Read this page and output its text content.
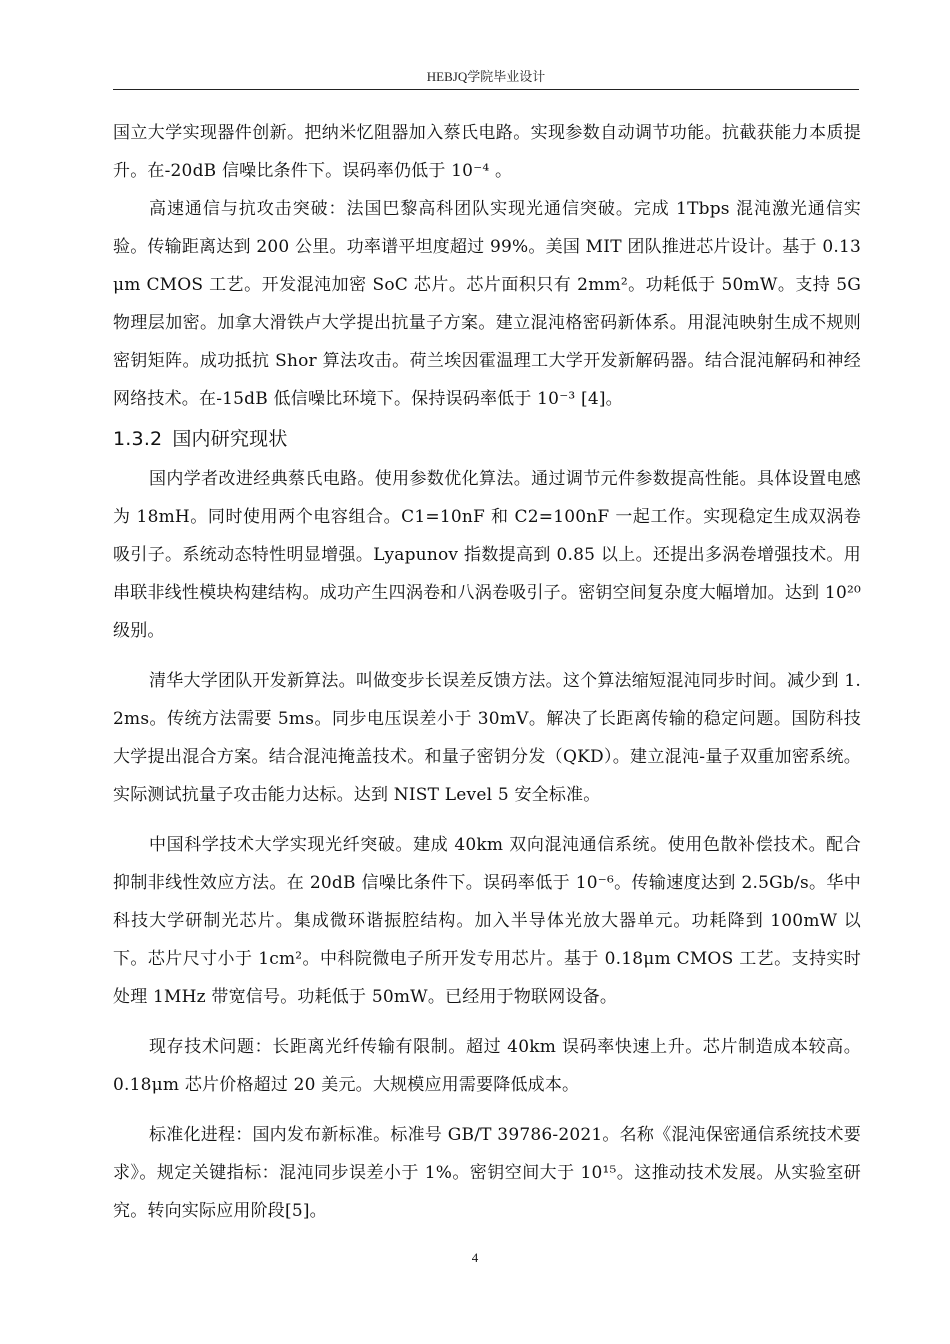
HEBJQ学院毕业设计

国立大学实现器件创新。把纳米忆阻器加入蔡氏电路。实现参数自动调节功能。抗截获能力本质提升。在-20dB 信噪比条件下。误码率仍低于 10⁻⁴ 。

高速通信与抗攻击突破：法国巴黎高科团队实现光通信突破。完成 1Tbps 混沌激光通信实验。传输距离达到 200 公里。功率谱平坦度超过 99%。美国 MIT 团队推进芯片设计。基于 0.13μm CMOS 工艺。开发混沌加密 SoC 芯片。芯片面积只有 2mm²。功耗低于 50mW。支持 5G 物理层加密。加拿大滑铁卢大学提出抗量子方案。建立混沌格密码新体系。用混沌映射生成不规则密钥矩阵。成功抵抗 Shor 算法攻击。荷兰埃因霍温理工大学开发新解码器。结合混沌解码和神经网络技术。在-15dB 低信噪比环境下。保持误码率低于 10⁻³ [4]。

1.3.2 国内研究现状

国内学者改进经典蔡氏电路。使用参数优化算法。通过调节元件参数提高性能。具体设置电感为 18mH。同时使用两个电容组合。C1=10nF 和 C2=100nF 一起工作。实现稳定生成双涡卷吸引子。系统动态特性明显增强。Lyapunov 指数提高到 0.85 以上。还提出多涡卷增强技术。用串联非线性模块构建结构。成功产生四涡卷和八涡卷吸引子。密钥空间复杂度大幅增加。达到 10²⁰级别。

清华大学团队开发新算法。叫做变步长误差反馈方法。这个算法缩短混沌同步时间。减少到 1.2ms。传统方法需要 5ms。同步电压误差小于 30mV。解决了长距离传输的稳定问题。国防科技大学提出混合方案。结合混沌掩盖技术。和量子密钥分发（QKD）。建立混沌-量子双重加密系统。实际测试抗量子攻击能力达标。达到 NIST Level 5 安全标准。

中国科学技术大学实现光纤突破。建成 40km 双向混沌通信系统。使用色散补偿技术。配合抑制非线性效应方法。在 20dB 信噪比条件下。误码率低于 10⁻⁶。传输速度达到 2.5Gb/s。华中科技大学研制光芯片。集成微环谐振腔结构。加入半导体光放大器单元。功耗降到 100mW 以下。芯片尺寸小于 1cm²。中科院微电子所开发专用芯片。基于 0.18μm CMOS 工艺。支持实时处理 1MHz 带宽信号。功耗低于 50mW。已经用于物联网设备。

现存技术问题：长距离光纤传输有限制。超过 40km 误码率快速上升。芯片制造成本较高。0.18μm 芯片价格超过 20 美元。大规模应用需要降低成本。

标准化进程：国内发布新标准。标准号 GB/T 39786-2021。名称《混沌保密通信系统技术要求》。规定关键指标：混沌同步误差小于 1%。密钥空间大于 10¹⁵。这推动技术发展。从实验室研究。转向实际应用阶段[5]。

4
